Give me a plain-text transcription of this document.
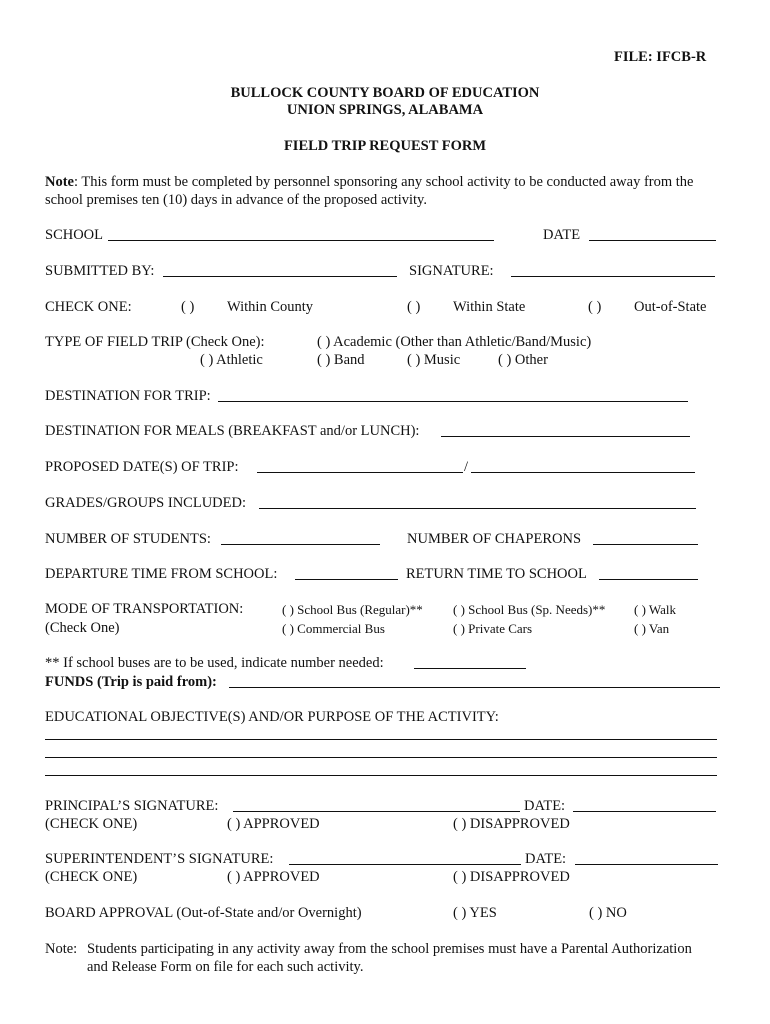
FILE: IFCB-R
BULLOCK COUNTY BOARD OF EDUCATION
UNION SPRINGS, ALABAMA
FIELD TRIP REQUEST FORM
Note: This form must be completed by personnel sponsoring any school activity to be conducted away from the
school premises ten (10) days in advance of the proposed activity.
SCHOOL	DATE
SUBMITTED BY:	SIGNATURE:
CHECK ONE:	( ) Within County	( ) Within State	( ) Out-of-State
TYPE OF FIELD TRIP (Check One):	( ) Academic (Other than Athletic/Band/Music)
( ) Athletic	( ) Band	( ) Music	( ) Other
DESTINATION FOR TRIP:
DESTINATION FOR MEALS (BREAKFAST and/or LUNCH):
PROPOSED DATE(S) OF TRIP:	/
GRADES/GROUPS INCLUDED:
NUMBER OF STUDENTS:	NUMBER OF CHAPERONS
DEPARTURE TIME FROM SCHOOL:	RETURN TIME TO SCHOOL
MODE OF TRANSPORTATION:
(Check One)
( ) School Bus (Regular)** ( ) School Bus (Sp. Needs)** ( ) Walk
( ) Commercial Bus	( ) Private Cars	( ) Van
** If school buses are to be used, indicate number needed:
FUNDS (Trip is paid from):
EDUCATIONAL OBJECTIVE(S) AND/OR PURPOSE OF THE ACTIVITY:
PRINCIPAL’S SIGNATURE:	DATE:
(CHECK ONE)	( ) APPROVED	( ) DISAPPROVED
SUPERINTENDENT’S SIGNATURE:	DATE:
(CHECK ONE)	( ) APPROVED	( ) DISAPPROVED
BOARD APPROVAL (Out-of-State and/or Overnight)	( ) YES	( ) NO
Note: Students participating in any activity away from the school premises must have a Parental Authorization
and Release Form on file for each such activity.
